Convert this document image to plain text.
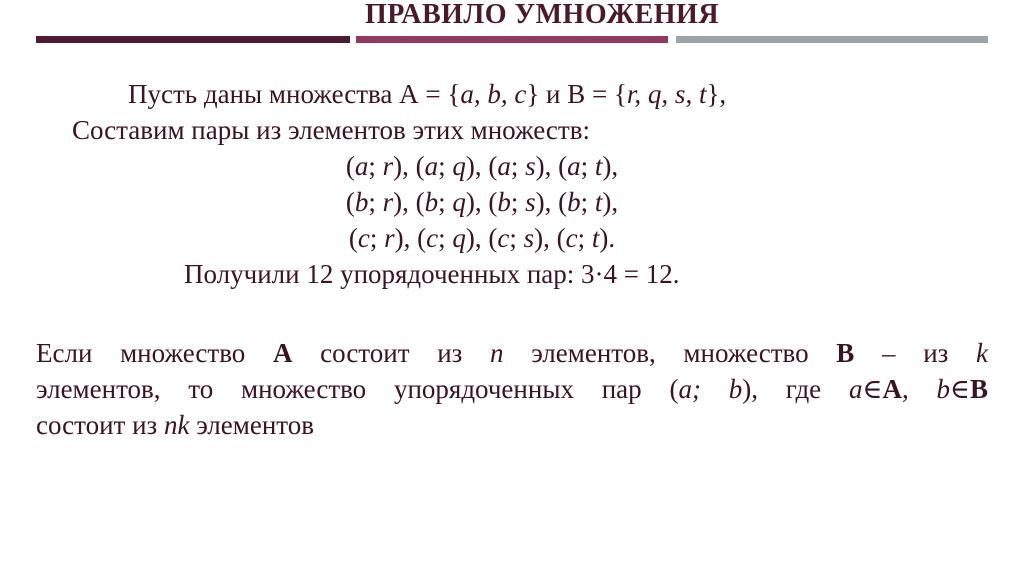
ПРАВИЛО УМНОЖЕНИЯ
Пусть даны множества А = {a, b, c} и В = {r, q, s, t},
Составим пары из элементов этих множеств:
(a; r), (a; q), (a; s), (a; t),
(b; r), (b; q), (b; s), (b; t),
(c; r), (c; q), (c; s), (c; t).
Получили 12 упорядоченных пар: 3·4 = 12.
Если множество А состоит из n элементов, множество В – из k
элементов, то множество упорядоченных пар (a; b), где a∈А, b∈В
состоит из nk элементов
